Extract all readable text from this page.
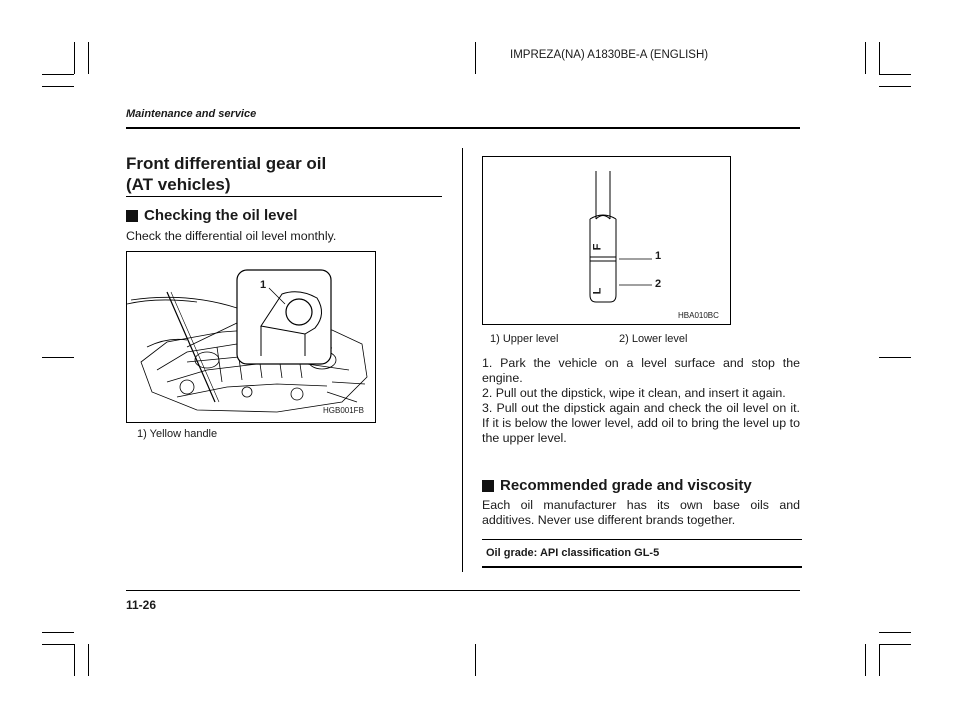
IMPREZA(NA) A1830BE-A (ENGLISH)
Maintenance and service
Front differential gear oil
(AT vehicles)
Checking the oil level
Check the differential oil level monthly.
1
HGB001FB
1) Yellow handle
F
L
1
2
HBA010BC
1) Upper level	2) Lower level
1. Park the vehicle on a level surface and stop the engine.
2. Pull out the dipstick, wipe it clean, and insert it again.
3. Pull out the dipstick again and check the oil level on it. If it is below the lower level, add oil to bring the level up to the upper level.
Recommended grade and viscosity
Each oil manufacturer has its own base oils and additives. Never use different brands together.
Oil grade: API classification GL-5
11-26
